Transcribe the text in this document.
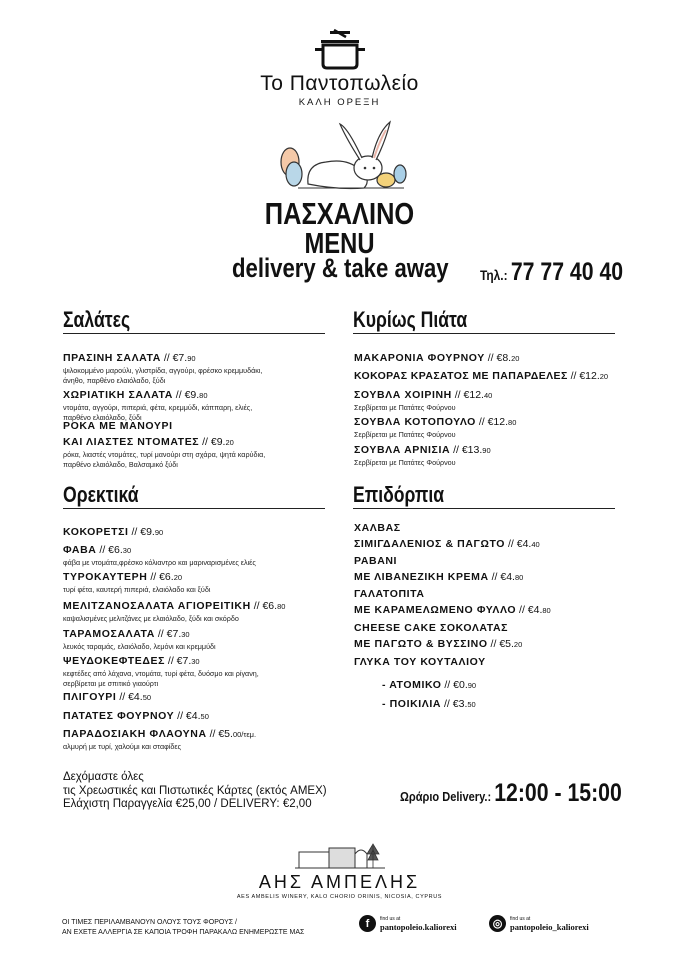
Το Παντοπωλείο
ΚΑΛΗ ΟΡΕΞΗ
ΠΑΣΧΑΛΙΝΟ
MENU
delivery & take away Τηλ.: 77 77 40 40
Σαλάτες
ΠΡΑΣΙΝΗ ΣΑΛΑΤΑ // €7.90
ψιλοκομμένο μαρούλι, γλιστρίδα, αγγούρι, φρέσκο κρεμμυδάκι,
άνηθο, παρθένο ελαιόλαδο, ξύδι
ΧΩΡΙΑΤΙΚΗ ΣΑΛΑΤΑ // €9.80
ντομάτα, αγγούρι, πιπεριά, φέτα, κρεμμύδι, κάππαρη, ελιές,
παρθένο ελαιόλαδο, ξύδι
ΡΟΚΑ ΜΕ ΜΑΝΟΥΡΙ
ΚΑΙ ΛΙΑΣΤΕΣ ΝΤΟΜΑΤΕΣ // €9.20
ρόκα, λιαστές ντομάτες, τυρί μανούρι στη σχάρα, ψητά καρύδια,
παρθένο ελαιόλαδο, Βαλσαμικό ξύδι
Κυρίως Πιάτα
ΜΑΚΑΡΟΝΙΑ ΦΟΥΡΝΟΥ // €8.20
ΚΟΚΟΡΑΣ ΚΡΑΣΑΤΟΣ ΜΕ ΠΑΠΑΡΔΕΛΕΣ // €12.20
ΣΟΥΒΛΑ ΧΟΙΡΙΝΗ // €12.40
Σερβίρεται με Πατάτες Φούρνου
ΣΟΥΒΛΑ ΚΟΤΟΠΟΥΛΟ // €12.80
Σερβίρεται με Πατάτες Φούρνου
ΣΟΥΒΛΑ ΑΡΝΙΣΙΑ // €13.90
Σερβίρεται με Πατάτες Φούρνου
Ορεκτικά
ΚΟΚΟΡΕΤΣΙ // €9.90
ΦΑΒΑ // €6.30
φάβα με ντομάτα,φρέσκο κόλιαντρο και μαριναρισμένες ελιές
ΤΥΡΟΚΑΥΤΕΡΗ // €6.20
τυρί φέτα, καυτερή πιπεριά, ελαιόλαδο και ξύδι
ΜΕΛΙΤΖΑΝΟΣΑΛΑΤΑ ΑΓΙΟΡΕΙΤΙΚΗ // €6.80
καψαλισμένες μελιτζάνες με ελαιόλαδο, ξύδι και σκόρδο
ΤΑΡΑΜΟΣΑΛΑΤΑ // €7.30
λευκός ταραμάς, ελαιόλαδο, λεμόνι και κρεμμύδι
ΨΕΥΔΟΚΕΦΤΕΔΕΣ // €7.30
κεφτέδες από λάχανα, ντομάτα, τυρί φέτα, δυόσμο και ρίγανη,
σερβίρεται με σπιτικό γιαούρτι
ΠΛΙΓΟΥΡΙ // €4.50
ΠΑΤΑΤΕΣ ΦΟΥΡΝΟΥ // €4.50
ΠΑΡΑΔΟΣΙΑΚΗ ΦΛΑΟΥΝΑ // €5.00/τεμ.
αλμυρή με τυρί, χαλούμι και σταφίδες
Επιδόρπια
ΧΑΛΒΑΣ
ΣΙΜΙΓΔΑΛΕΝΙΟΣ & ΠΑΓΩΤΟ // €4.40
ΡΑΒΑΝΙ
ΜΕ ΛΙΒΑΝΕΖΙΚΗ ΚΡΕΜΑ // €4.80
ΓΑΛΑΤΟΠΙΤΑ
ΜΕ ΚΑΡΑΜΕΛΩΜΕΝΟ ΦΥΛΛΟ // €4.80
CHEESE CAKE ΣΟΚΟΛΑΤΑΣ
ΜΕ ΠΑΓΩΤΟ & ΒΥΣΣΙΝΟ // €5.20
ΓΛΥΚΑ ΤΟΥ ΚΟΥΤΑΛΙΟΥ
- ΑΤΟΜΙΚΟ // €0.90
- ΠΟΙΚΙΛΙΑ // €3.50
Δεχόμαστε όλες
τις Χρεωστικές και Πιστωτικές Κάρτες (εκτός AMEX)
Ελάχιστη Παραγγελία €25,00 / DELIVERY: €2,00	Ωράριο Delivery.: 12:00 - 15:00
ΑΗΣ ΑΜΠΕΛΗΣ
AES AMBELIS WINERY, KALO CHORIO ORINIS, NICOSIA, CYPRUS
ΟΙ ΤΙΜΕΣ ΠΕΡΙΛΑΜΒΑΝΟΥΝ ΟΛΟΥΣ ΤΟΥΣ ΦΟΡΟΥΣ /
ΑΝ ΕΧΕΤΕ ΑΛΛΕΡΓΙΑ ΣΕ ΚΑΠΟΙΑ ΤΡΟΦΗ ΠΑΡΑΚΑΛΩ ΕΝΗΜΕΡΩΣΤΕ ΜΑΣ
f	find us at
pantopoleio.kaliorexi	◎	find us at
pantopoleio_kaliorexi
